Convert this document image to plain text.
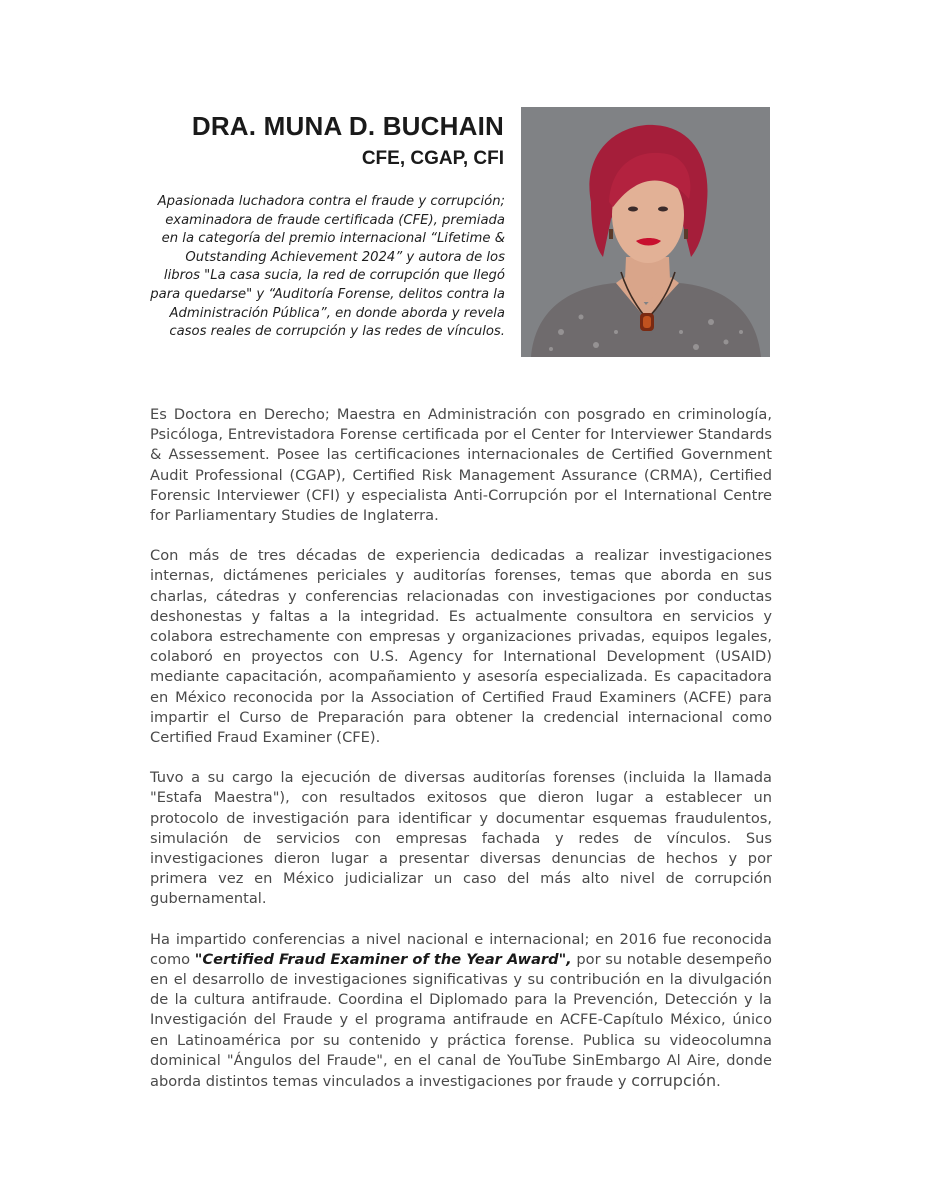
DRA. MUNA D. BUCHAIN
CFE, CGAP, CFI

Apasionada luchadora contra el fraude y corrupción; examinadora de fraude certificada (CFE), premiada en la categoría del premio internacional “Lifetime & Outstanding Achievement 2024” y autora de los libros "La casa sucia, la red de corrupción que llegó para quedarse" y “Auditoría Forense, delitos contra la Administración Pública”, en donde aborda y revela casos reales de corrupción y las redes de vínculos.

Es Doctora en Derecho; Maestra en Administración con posgrado en criminología, Psicóloga, Entrevistadora Forense certificada por el Center for Interviewer Standards & Assessement. Posee las certificaciones internacionales de Certified Government Audit Professional (CGAP), Certified Risk Management Assurance (CRMA), Certified Forensic Interviewer (CFI) y especialista Anti-Corrupción por el International Centre for Parliamentary Studies de Inglaterra.

Con más de tres décadas de experiencia dedicadas a realizar investigaciones internas, dictámenes periciales y auditorías forenses, temas que aborda en sus charlas, cátedras y conferencias relacionadas con investigaciones por conductas deshonestas y faltas a la integridad. Es actualmente consultora en servicios y colabora estrechamente con empresas y organizaciones privadas, equipos legales, colaboró en proyectos con U.S. Agency for International Development (USAID) mediante capacitación, acompañamiento y asesoría especializada. Es capacitadora en México reconocida por la Association of Certified Fraud Examiners (ACFE) para impartir el Curso de Preparación para obtener la credencial internacional como Certified Fraud Examiner (CFE).

Tuvo a su cargo la ejecución de diversas auditorías forenses (incluida la llamada "Estafa Maestra"), con resultados exitosos que dieron lugar a establecer un protocolo de investigación para identificar y documentar esquemas fraudulentos, simulación de servicios con empresas fachada y redes de vínculos. Sus investigaciones dieron lugar a presentar diversas denuncias de hechos y por primera vez en México judicializar un caso del más alto nivel de corrupción gubernamental.

Ha impartido conferencias a nivel nacional e internacional; en 2016 fue reconocida como "Certified Fraud Examiner of the Year Award", por su notable desempeño en el desarrollo de investigaciones significativas y su contribución en la divulgación de la cultura antifraude. Coordina el Diplomado para la Prevención, Detección y la Investigación del Fraude y el programa antifraude en ACFE-Capítulo México, único en Latinoamérica por su contenido y práctica forense. Publica su videocolumna dominical "Ángulos del Fraude", en el canal de YouTube SinEmbargo Al Aire, donde aborda distintos temas vinculados a investigaciones por fraude y corrupción.
